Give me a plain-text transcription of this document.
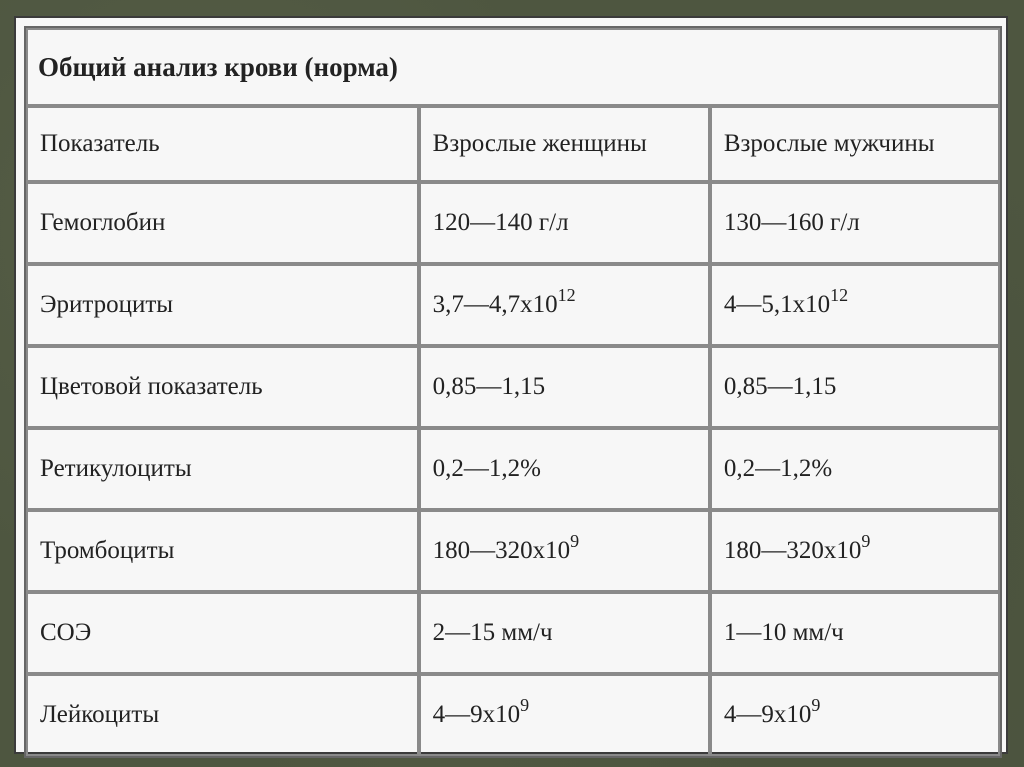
Общий анализ крови (норма)		
Показатель	Взрослые женщины	Взрослые мужчины
Гемоглобин	120—140 г/л	130—160 г/л
Эритроциты	$3,7—4,7х10^{12}$	$4—5,1х10^{12}$
Цветовой показатель	0,85—1,15	0,85—1,15
Ретикулоциты	0,2—1,2%	0,2—1,2%
Тромбоциты	$180—320х10^9$	$180—320х10^9$
СОЭ	2—15 мм/ч	1—10 мм/ч
Лейкоциты	$4—9х10^9$	$4—9х10^9$
